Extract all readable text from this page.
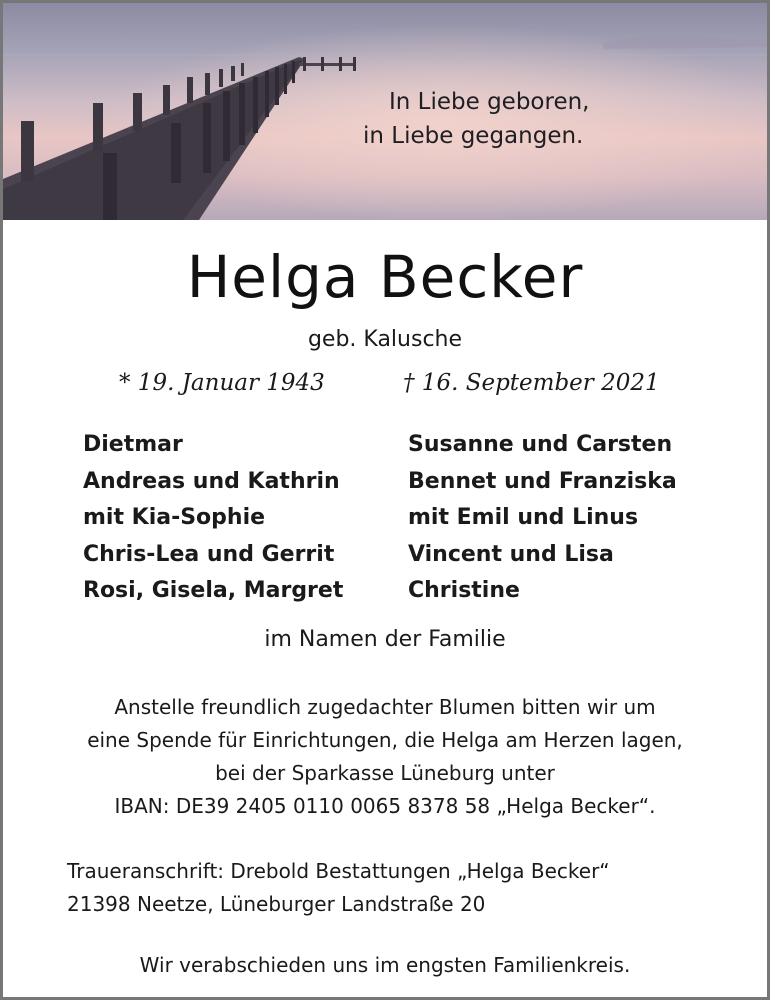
In Liebe geboren,
in Liebe gegangen.
Helga Becker
geb. Kalusche
* 19. Januar 1943	† 16. September 2021
Dietmar
Andreas und Kathrin
mit Kia-Sophie
Chris-Lea und Gerrit
Rosi, Gisela, Margret
Susanne und Carsten
Bennet und Franziska
mit Emil und Linus
Vincent und Lisa
Christine
im Namen der Familie
Anstelle freundlich zugedachter Blumen bitten wir um
eine Spende für Einrichtungen, die Helga am Herzen lagen,
bei der Sparkasse Lüneburg unter
IBAN: DE39 2405 0110 0065 8378 58 „Helga Becker“.
Traueranschrift: Drebold Bestattungen „Helga Becker“
21398 Neetze, Lüneburger Landstraße 20
Wir verabschieden uns im engsten Familienkreis.
